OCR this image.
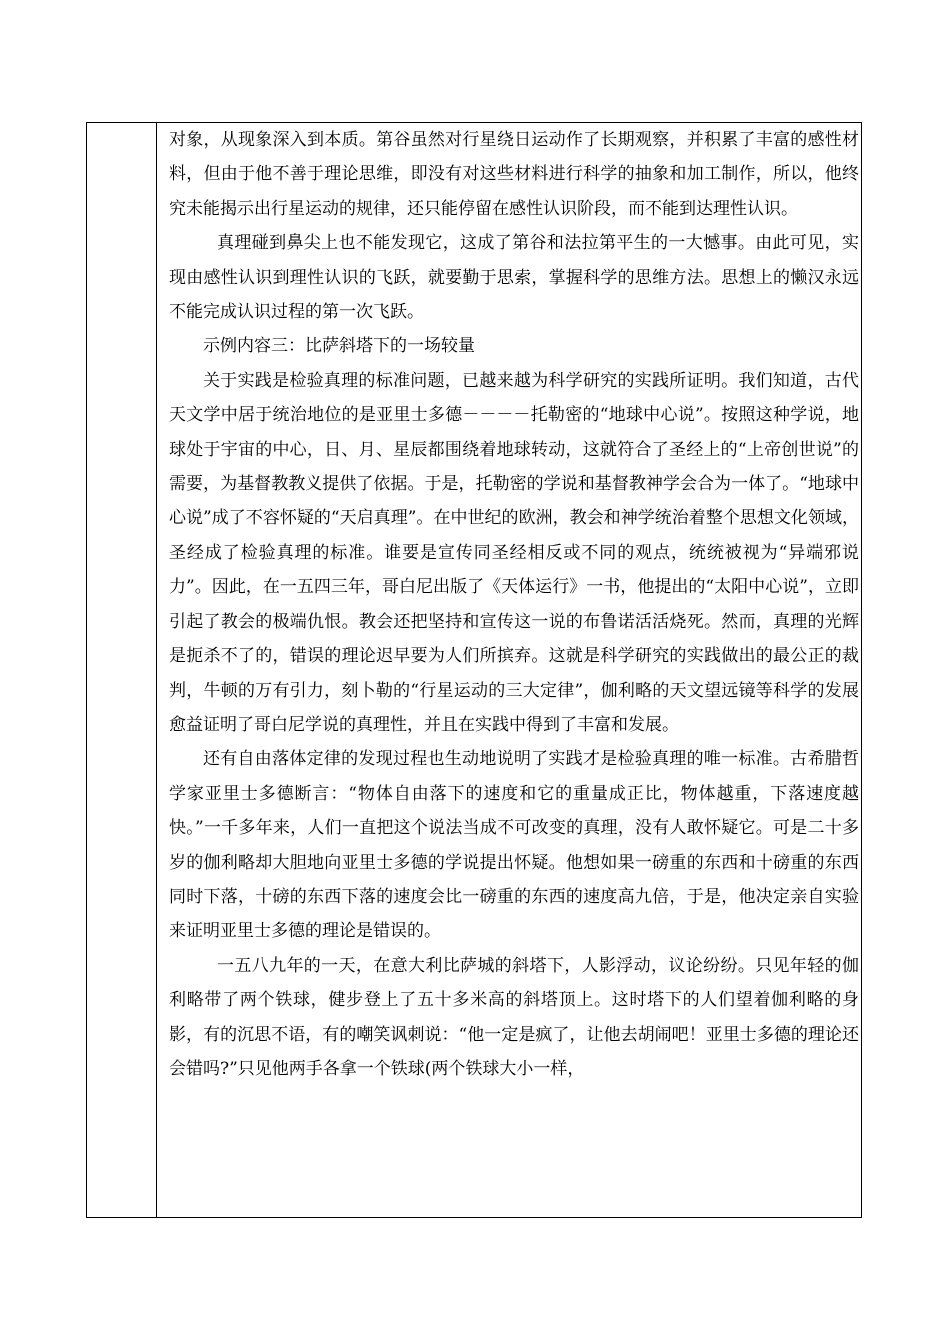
对象，从现象深入到本质。第谷虽然对行星绕日运动作了长期观察，并积累了丰富的感性材料，但由于他不善于理论思维，即没有对这些材料进行科学的抽象和加工制作，所以，他终究未能揭示出行星运动的规律，还只能停留在感性认识阶段，而不能到达理性认识。

真理碰到鼻尖上也不能发现它，这成了第谷和法拉第平生的一大憾事。由此可见，实现由感性认识到理性认识的飞跃，就要勤于思索，掌握科学的思维方法。思想上的懒汉永远不能完成认识过程的第一次飞跃。

示例内容三：比萨斜塔下的一场较量

关于实践是检验真理的标准问题，已越来越为科学研究的实践所证明。我们知道，古代天文学中居于统治地位的是亚里士多德－－－－托勒密的“地球中心说”。按照这种学说，地球处于宇宙的中心，日、月、星辰都围绕着地球转动，这就符合了圣经上的“上帝创世说”的需要，为基督教教义提供了依据。于是，托勒密的学说和基督教神学会合为一体了。“地球中心说”成了不容怀疑的“天启真理”。在中世纪的欧洲，教会和神学统治着整个思想文化领域，圣经成了检验真理的标准。谁要是宣传同圣经相反或不同的观点，统统被视为“异端邪说力”。因此，在一五四三年，哥白尼出版了《天体运行》一书，他提出的“太阳中心说”，立即引起了教会的极端仇恨。教会还把坚持和宣传这一说的布鲁诺活活烧死。然而，真理的光辉是扼杀不了的，错误的理论迟早要为人们所摈弃。这就是科学研究的实践做出的最公正的裁判，牛顿的万有引力，刻卜勒的“行星运动的三大定律”，伽利略的天文望远镜等科学的发展愈益证明了哥白尼学说的真理性，并且在实践中得到了丰富和发展。

还有自由落体定律的发现过程也生动地说明了实践才是检验真理的唯一标准。古希腊哲学家亚里士多德断言：“物体自由落下的速度和它的重量成正比，物体越重，下落速度越快。”一千多年来，人们一直把这个说法当成不可改变的真理，没有人敢怀疑它。可是二十多岁的伽利略却大胆地向亚里士多德的学说提出怀疑。他想如果一磅重的东西和十磅重的东西同时下落，十磅的东西下落的速度会比一磅重的东西的速度高九倍，于是，他决定亲自实验来证明亚里士多德的理论是错误的。

一五八九年的一天，在意大利比萨城的斜塔下，人影浮动，议论纷纷。只见年轻的伽利略带了两个铁球，健步登上了五十多米高的斜塔顶上。这时塔下的人们望着伽利略的身影，有的沉思不语，有的嘲笑讽刺说：“他一定是疯了，让他去胡闹吧！亚里士多德的理论还会错吗?”只见他两手各拿一个铁球(两个铁球大小一样，
